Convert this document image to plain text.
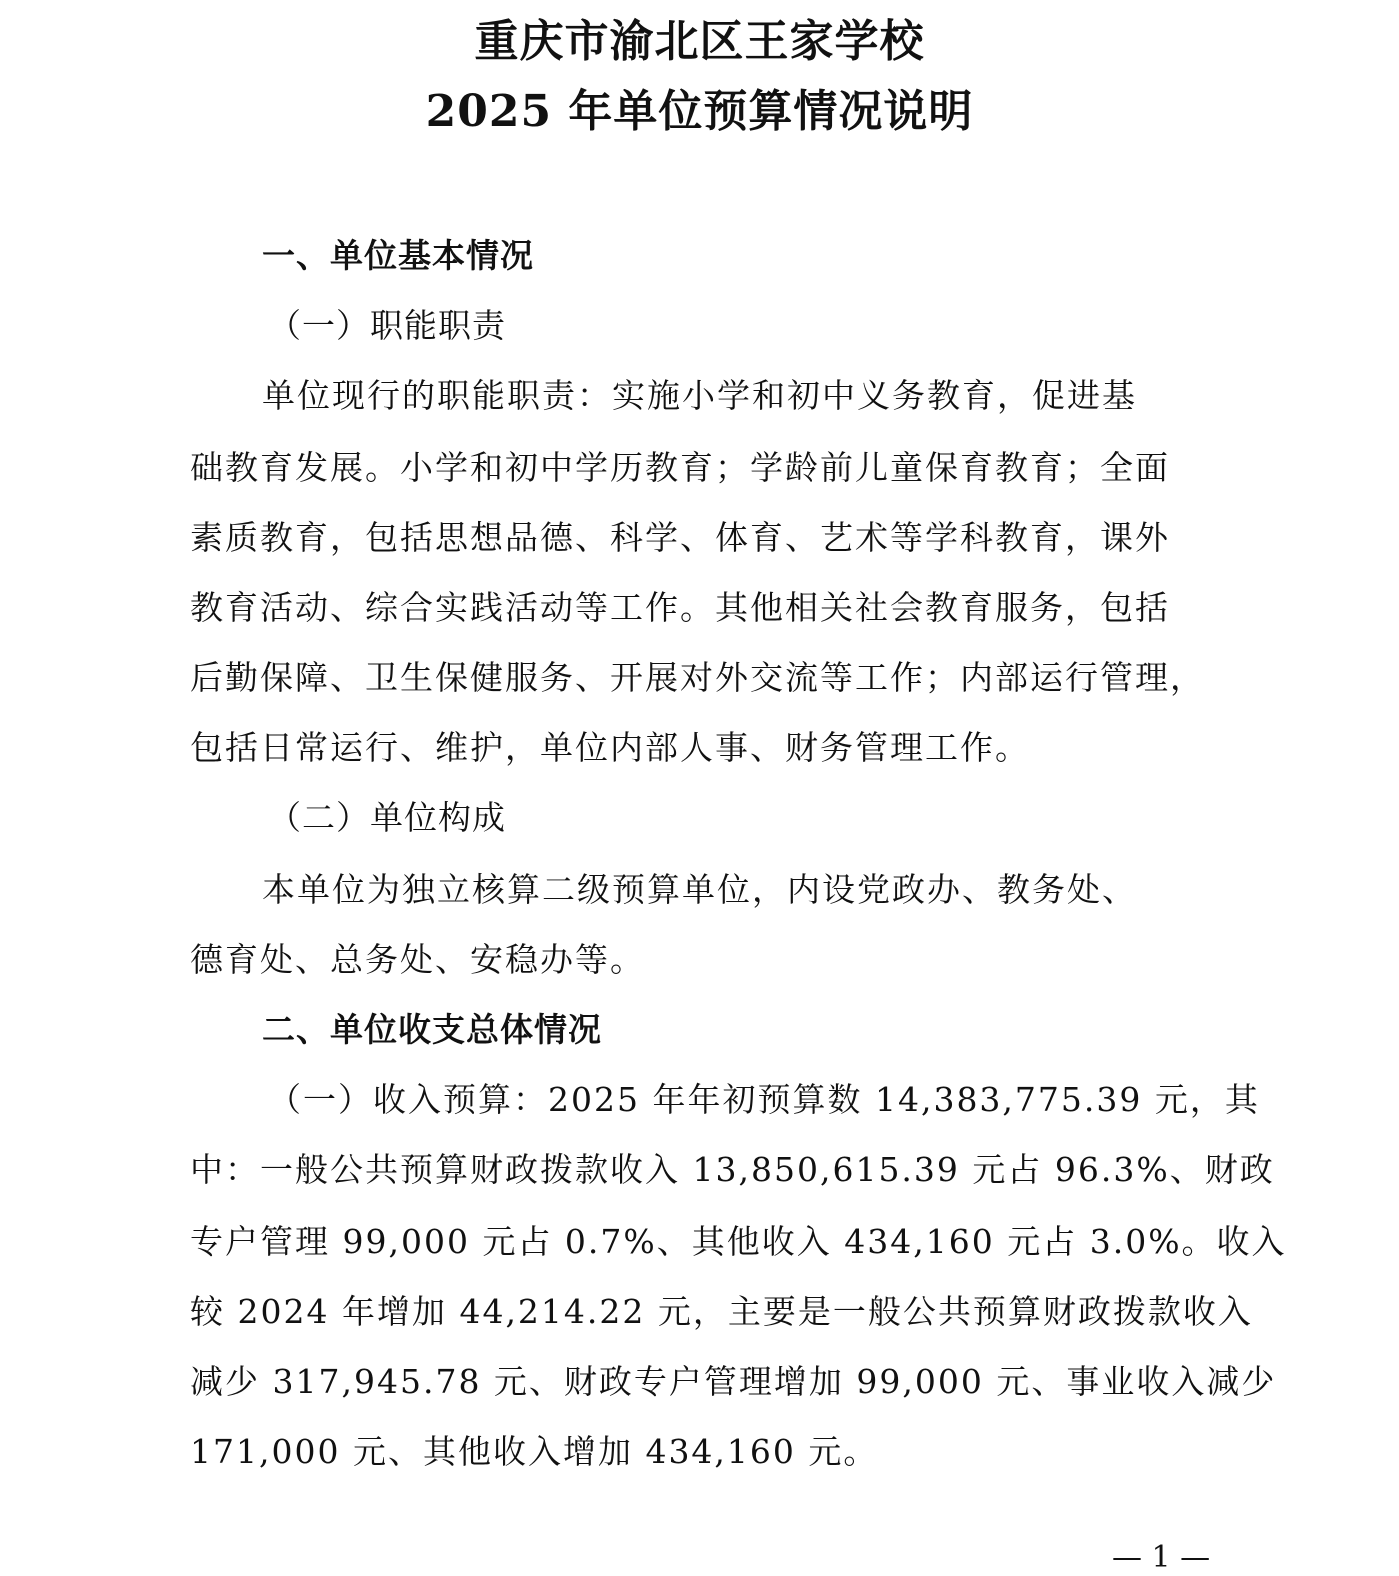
重庆市渝北区王家学校
2025 年单位预算情况说明
一、单位基本情况
（一）职能职责
单位现行的职能职责：实施小学和初中义务教育，促进基
础教育发展。小学和初中学历教育；学龄前儿童保育教育；全面
素质教育，包括思想品德、科学、体育、艺术等学科教育，课外
教育活动、综合实践活动等工作。其他相关社会教育服务，包括
后勤保障、卫生保健服务、开展对外交流等工作；内部运行管理，
包括日常运行、维护，单位内部人事、财务管理工作。
（二）单位构成
本单位为独立核算二级预算单位，内设党政办、教务处、
德育处、总务处、安稳办等。
二、单位收支总体情况
（一）收入预算：2025 年年初预算数 14,383,775.39 元，其
中：一般公共预算财政拨款收入 13,850,615.39 元占 96.3%、财政
专户管理 99,000 元占 0.7%、其他收入 434,160 元占 3.0%。收入
较 2024 年增加 44,214.22 元，主要是一般公共预算财政拨款收入
减少 317,945.78 元、财政专户管理增加 99,000 元、事业收入减少
171,000 元、其他收入增加 434,160 元。
— 1 —
